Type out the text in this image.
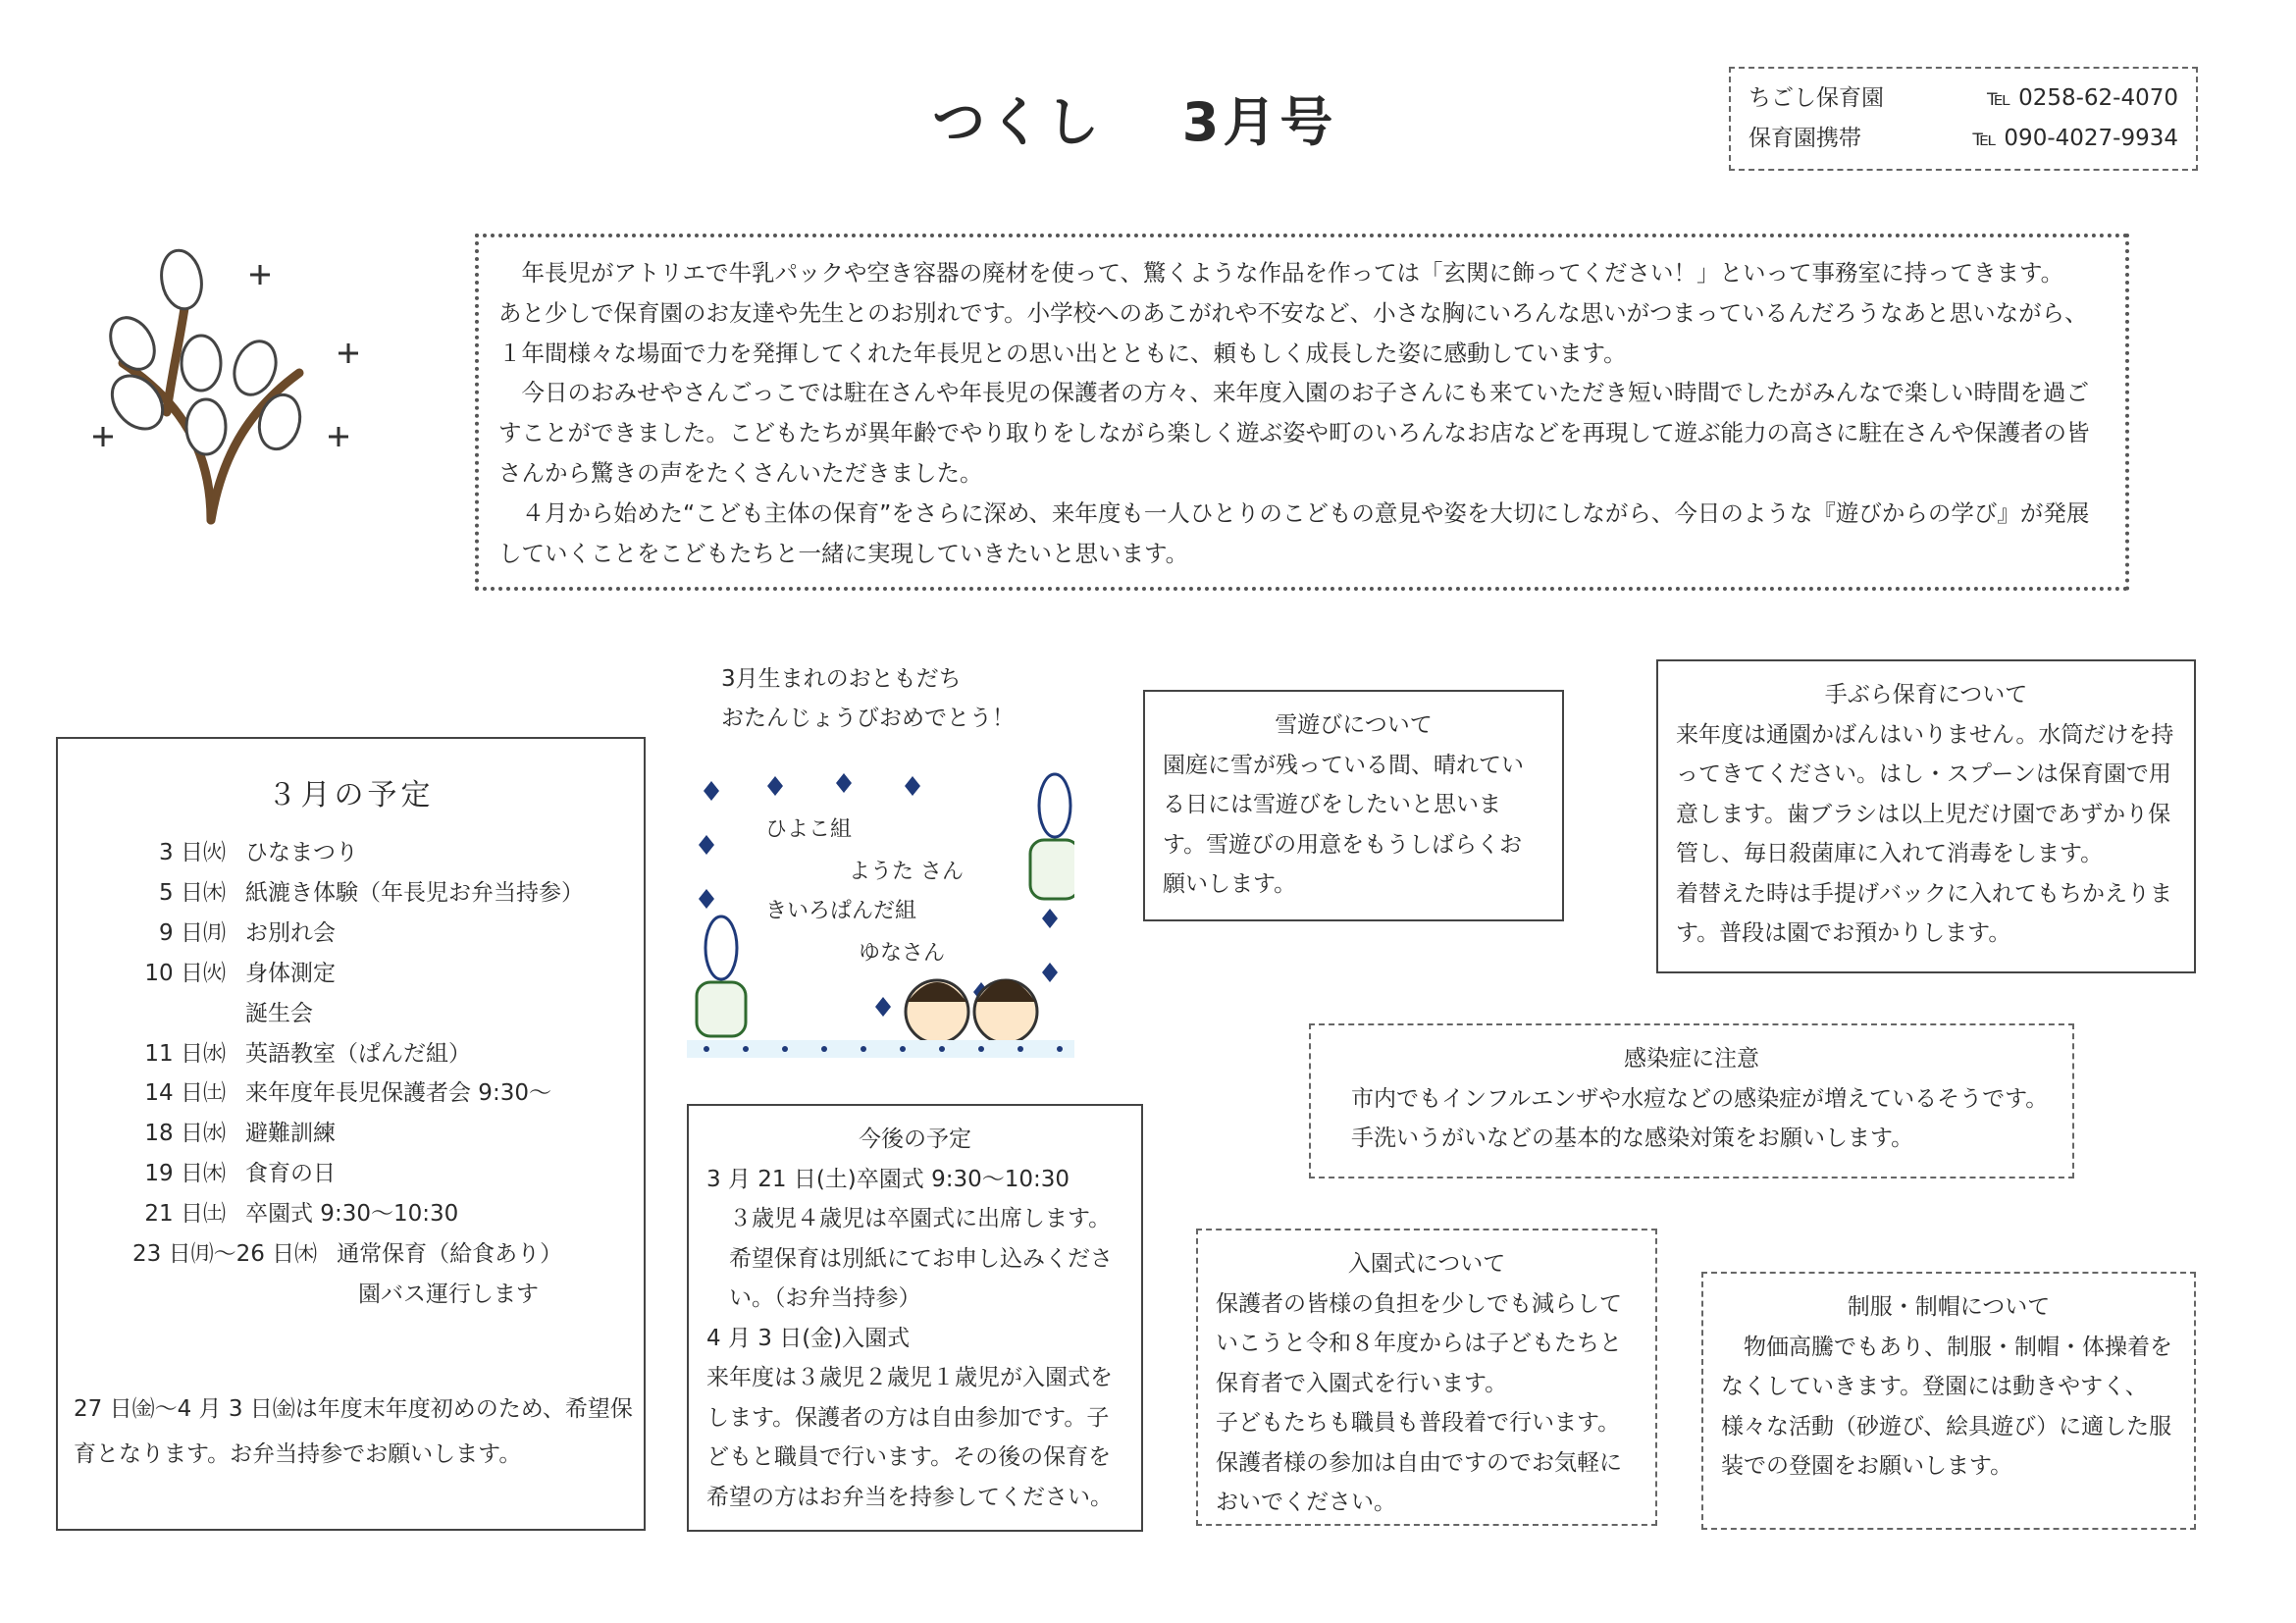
つくし　 3月号	ちごし保育園	℡ 0258-62-4070
保育園携帯	℡ 090-4027-9934

年長児がアトリエで牛乳パックや空き容器の廃材を使って、驚くような作品を作っては「玄関に飾ってください！」といって事務室に持ってきます。

あと少しで保育園のお友達や先生とのお別れです。小学校へのあこがれや不安など、小さな胸にいろんな思いがつまっているんだろうなあと思いながら、１年間様々な場面で力を発揮してくれた年長児との思い出とともに、頼もしく成長した姿に感動しています。

今日のおみせやさんごっこでは駐在さんや年長児の保護者の方々、来年度入園のお子さんにも来ていただき短い時間でしたがみんなで楽しい時間を過ごすことができました。こどもたちが異年齢でやり取りをしながら楽しく遊ぶ姿や町のいろんなお店などを再現して遊ぶ能力の高さに駐在さんや保護者の皆さんから驚きの声をたくさんいただきました。

４月から始めた“こども主体の保育”をさらに深め、来年度も一人ひとりのこどもの意見や姿を大切にしながら、今日のような『遊びからの学び』が発展していくことをこどもたちと一緒に実現していきたいと思います。

３月の予定
3 日㈫ ひなまつり
5 日㈭ 紙漉き体験（年長児お弁当持参）
9 日㈪ お別れ会
10 日㈫ 身体測定
誕生会
11 日㈬ 英語教室（ぱんだ組）
14 日㈯ 来年度年長児保護者会 9:30～
18 日㈬ 避難訓練
19 日㈭ 食育の日
21 日㈯ 卒園式 9:30～10:30
23 日㈪～26 日㈭ 通常保育（給食あり）
園バス運行します
27 日㈮～4 月 3 日㈮は年度末年度初めのため、希望保育となります。お弁当持参でお願いします。
3月生まれのおともだち
おたんじょうびおめでとう！
ひよこ組
ようた さん
きいろぱんだ組
ゆなさん

今後の予定

3 月 21 日(土)卒園式 9:30～10:30

３歳児４歳児は卒園式に出席します。

希望保育は別紙にてお申し込みください。（お弁当持参）

4 月 3 日(金)入園式

来年度は３歳児２歳児１歳児が入園式をします。保護者の方は自由参加です。子どもと職員で行います。その後の保育を希望の方はお弁当を持参してください。

雪遊びについて

園庭に雪が残っている間、晴れている日には雪遊びをしたいと思います。雪遊びの用意をもうしばらくお願いします。

手ぶら保育について

来年度は通園かばんはいりません。水筒だけを持ってきてください。はし・スプーンは保育園で用意します。歯ブラシは以上児だけ園であずかり保管し、毎日殺菌庫に入れて消毒をします。

着替えた時は手提げバックに入れてもちかえります。普段は園でお預かりします。

感染症に注意

市内でもインフルエンザや水痘などの感染症が増えているそうです。手洗いうがいなどの基本的な感染対策をお願いします。

入園式について

保護者の皆様の負担を少しでも減らしていこうと令和８年度からは子どもたちと保育者で入園式を行います。

子どもたちも職員も普段着で行います。

保護者様の参加は自由ですのでお気軽においでください。

制服・制帽について

物価高騰でもあり、制服・制帽・体操着をなくしていきます。登園には動きやすく、様々な活動（砂遊び、絵具遊び）に適した服装での登園をお願いします。
